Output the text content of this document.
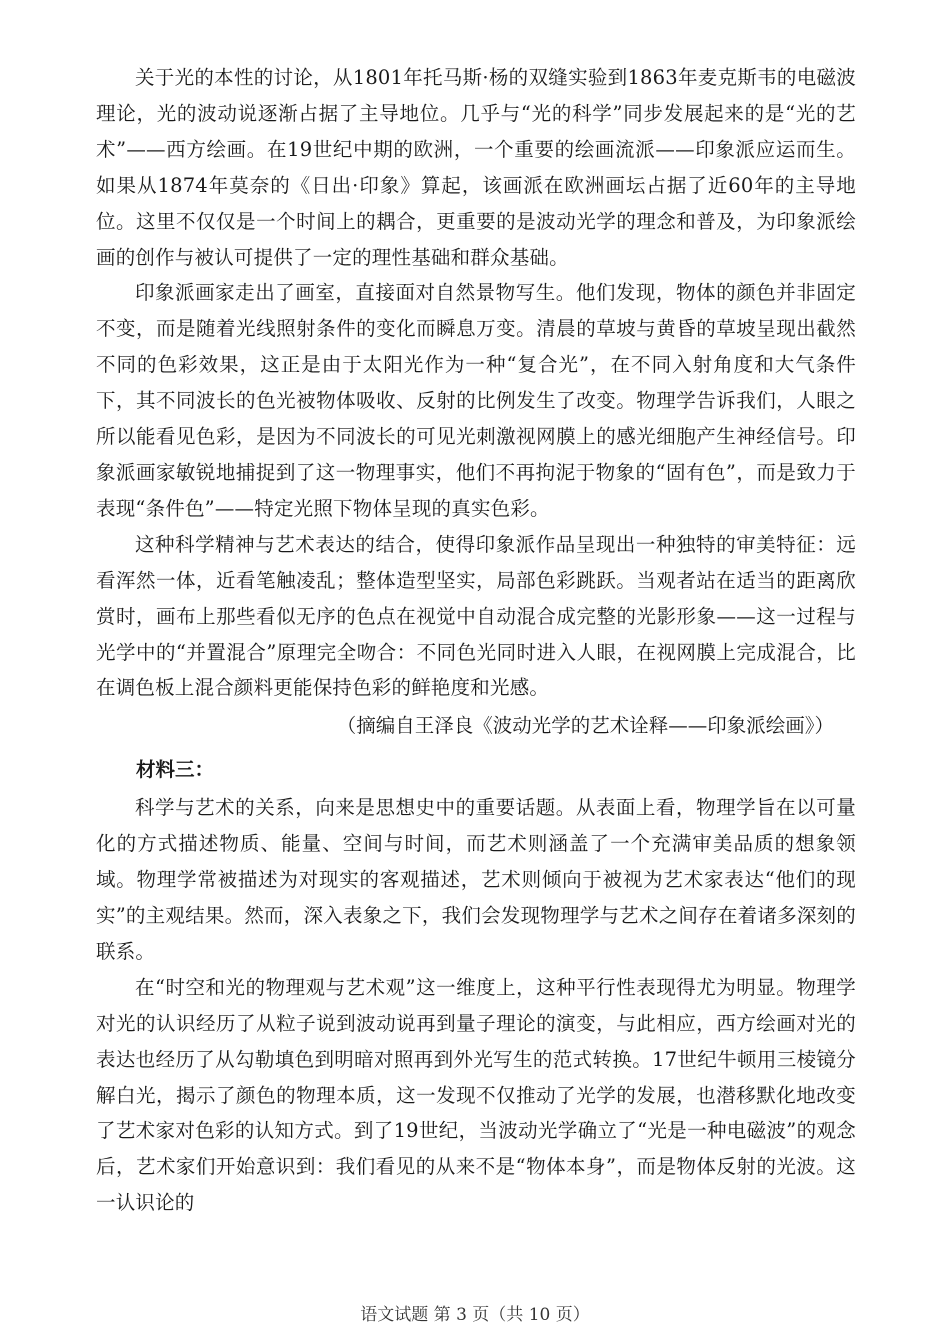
关于光的本性的讨论，从1801年托马斯·杨的双缝实验到1863年麦克斯韦的电磁波理论，光的波动说逐渐占据了主导地位。几乎与“光的科学”同步发展起来的是“光的艺术”——西方绘画。在19世纪中期的欧洲，一个重要的绘画流派——印象派应运而生。如果从1874年莫奈的《日出·印象》算起，该画派在欧洲画坛占据了近60年的主导地位。这里不仅仅是一个时间上的耦合，更重要的是波动光学的理念和普及，为印象派绘画的创作与被认可提供了一定的理性基础和群众基础。

印象派画家走出了画室，直接面对自然景物写生。他们发现，物体的颜色并非固定不变，而是随着光线照射条件的变化而瞬息万变。清晨的草坡与黄昏的草坡呈现出截然不同的色彩效果，这正是由于太阳光作为一种“复合光”，在不同入射角度和大气条件下，其不同波长的色光被物体吸收、反射的比例发生了改变。物理学告诉我们，人眼之所以能看见色彩，是因为不同波长的可见光刺激视网膜上的感光细胞产生神经信号。印象派画家敏锐地捕捉到了这一物理事实，他们不再拘泥于物象的“固有色”，而是致力于表现“条件色”——特定光照下物体呈现的真实色彩。

这种科学精神与艺术表达的结合，使得印象派作品呈现出一种独特的审美特征：远看浑然一体，近看笔触凌乱；整体造型坚实，局部色彩跳跃。当观者站在适当的距离欣赏时，画布上那些看似无序的色点在视觉中自动混合成完整的光影形象——这一过程与光学中的“并置混合”原理完全吻合：不同色光同时进入人眼，在视网膜上完成混合，比在调色板上混合颜料更能保持色彩的鲜艳度和光感。

（摘编自王泽良《波动光学的艺术诠释——印象派绘画》）

材料三：

科学与艺术的关系，向来是思想史中的重要话题。从表面上看，物理学旨在以可量化的方式描述物质、能量、空间与时间，而艺术则涵盖了一个充满审美品质的想象领域。物理学常被描述为对现实的客观描述，艺术则倾向于被视为艺术家表达“他们的现实”的主观结果。然而，深入表象之下，我们会发现物理学与艺术之间存在着诸多深刻的联系。

在“时空和光的物理观与艺术观”这一维度上，这种平行性表现得尤为明显。物理学对光的认识经历了从粒子说到波动说再到量子理论的演变，与此相应，西方绘画对光的表达也经历了从勾勒填色到明暗对照再到外光写生的范式转换。17世纪牛顿用三棱镜分解白光，揭示了颜色的物理本质，这一发现不仅推动了光学的发展，也潜移默化地改变了艺术家对色彩的认知方式。到了19世纪，当波动光学确立了“光是一种电磁波”的观念后，艺术家们开始意识到：我们看见的从来不是“物体本身”，而是物体反射的光波。这一认识论的

语文试题 第 3 页（共 10 页）
